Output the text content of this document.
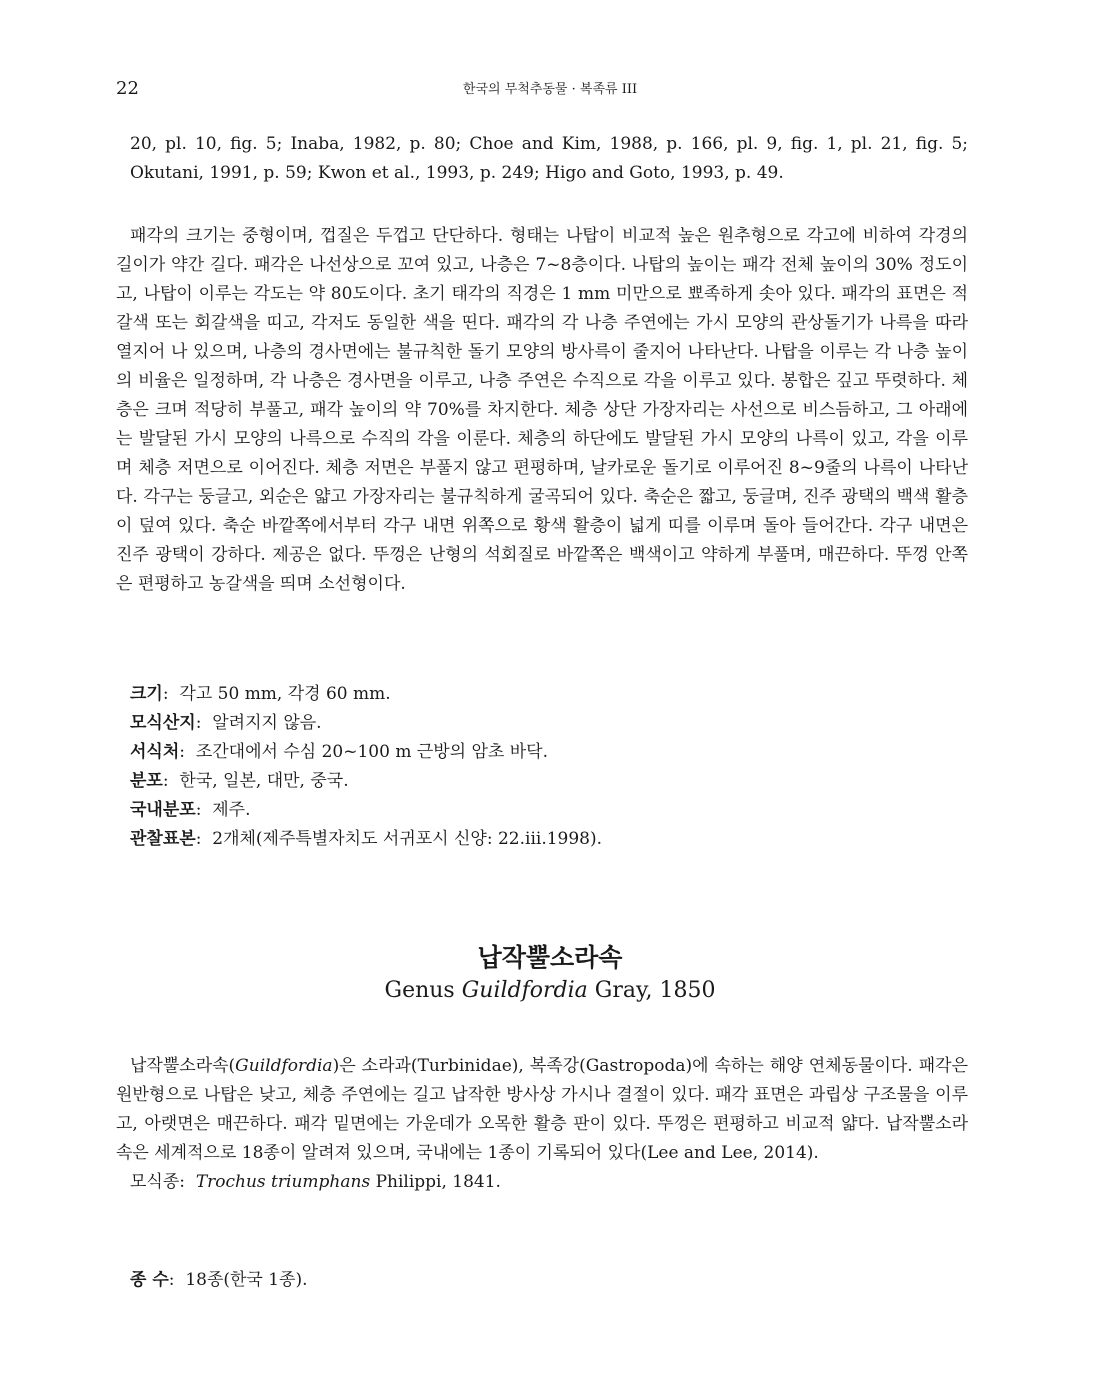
22	한국의 무척추동물 · 복족류 III

20, pl. 10, fig. 5; Inaba, 1982, p. 80; Choe and Kim, 1988, p. 166, pl. 9, fig. 1, pl. 21, fig. 5; Okutani, 1991, p. 59; Kwon et al., 1993, p. 249; Higo and Goto, 1993, p. 49.

패각의 크기는 중형이며, 껍질은 두껍고 단단하다. 형태는 나탑이 비교적 높은 원추형으로 각고에 비하여 각경의 길이가 약간 길다. 패각은 나선상으로 꼬여 있고, 나층은 7~8층이다. 나탑의 높이는 패각 전체 높이의 30% 정도이고, 나탑이 이루는 각도는 약 80도이다. 초기 태각의 직경은 1 mm 미만으로 뾰족하게 솟아 있다. 패각의 표면은 적갈색 또는 회갈색을 띠고, 각저도 동일한 색을 띤다. 패각의 각 나층 주연에는 가시 모양의 관상돌기가 나륵을 따라 열지어 나 있으며, 나층의 경사면에는 불규칙한 돌기 모양의 방사륵이 줄지어 나타난다. 나탑을 이루는 각 나층 높이의 비율은 일정하며, 각 나층은 경사면을 이루고, 나층 주연은 수직으로 각을 이루고 있다. 봉합은 깊고 뚜렷하다. 체층은 크며 적당히 부풀고, 패각 높이의 약 70%를 차지한다. 체층 상단 가장자리는 사선으로 비스듬하고, 그 아래에는 발달된 가시 모양의 나륵으로 수직의 각을 이룬다. 체층의 하단에도 발달된 가시 모양의 나륵이 있고, 각을 이루며 체층 저면으로 이어진다. 체층 저면은 부풀지 않고 편평하며, 날카로운 돌기로 이루어진 8~9줄의 나륵이 나타난다. 각구는 둥글고, 외순은 얇고 가장자리는 불규칙하게 굴곡되어 있다. 축순은 짧고, 둥글며, 진주 광택의 백색 활층이 덮여 있다. 축순 바깥쪽에서부터 각구 내면 위쪽으로 황색 활층이 넓게 띠를 이루며 돌아 들어간다. 각구 내면은 진주 광택이 강하다. 제공은 없다. 뚜껑은 난형의 석회질로 바깥쪽은 백색이고 약하게 부풀며, 매끈하다. 뚜껑 안쪽은 편평하고 농갈색을 띄며 소선형이다.

크기:  각고 50 mm, 각경 60 mm.
모식산지:  알려지지 않음.
서식처:  조간대에서 수심 20~100 m 근방의 암초 바닥.
분포:  한국, 일본, 대만, 중국.
국내분포:  제주.
관찰표본:  2개체(제주특별자치도 서귀포시 신양: 22.iii.1998).
납작뿔소라속
Genus Guildfordia Gray, 1850

납작뿔소라속(Guildfordia)은 소라과(Turbinidae), 복족강(Gastropoda)에 속하는 해양 연체동물이다. 패각은 원반형으로 나탑은 낮고, 체층 주연에는 길고 납작한 방사상 가시나 결절이 있다. 패각 표면은 과립상 구조물을 이루고, 아랫면은 매끈하다. 패각 밑면에는 가운데가 오목한 활층 판이 있다. 뚜껑은 편평하고 비교적 얇다. 납작뿔소라속은 세계적으로 18종이 알려져 있으며, 국내에는 1종이 기록되어 있다(Lee and Lee, 2014).

모식종: Trochus triumphans Philippi, 1841.

종 수:  18종(한국 1종).
